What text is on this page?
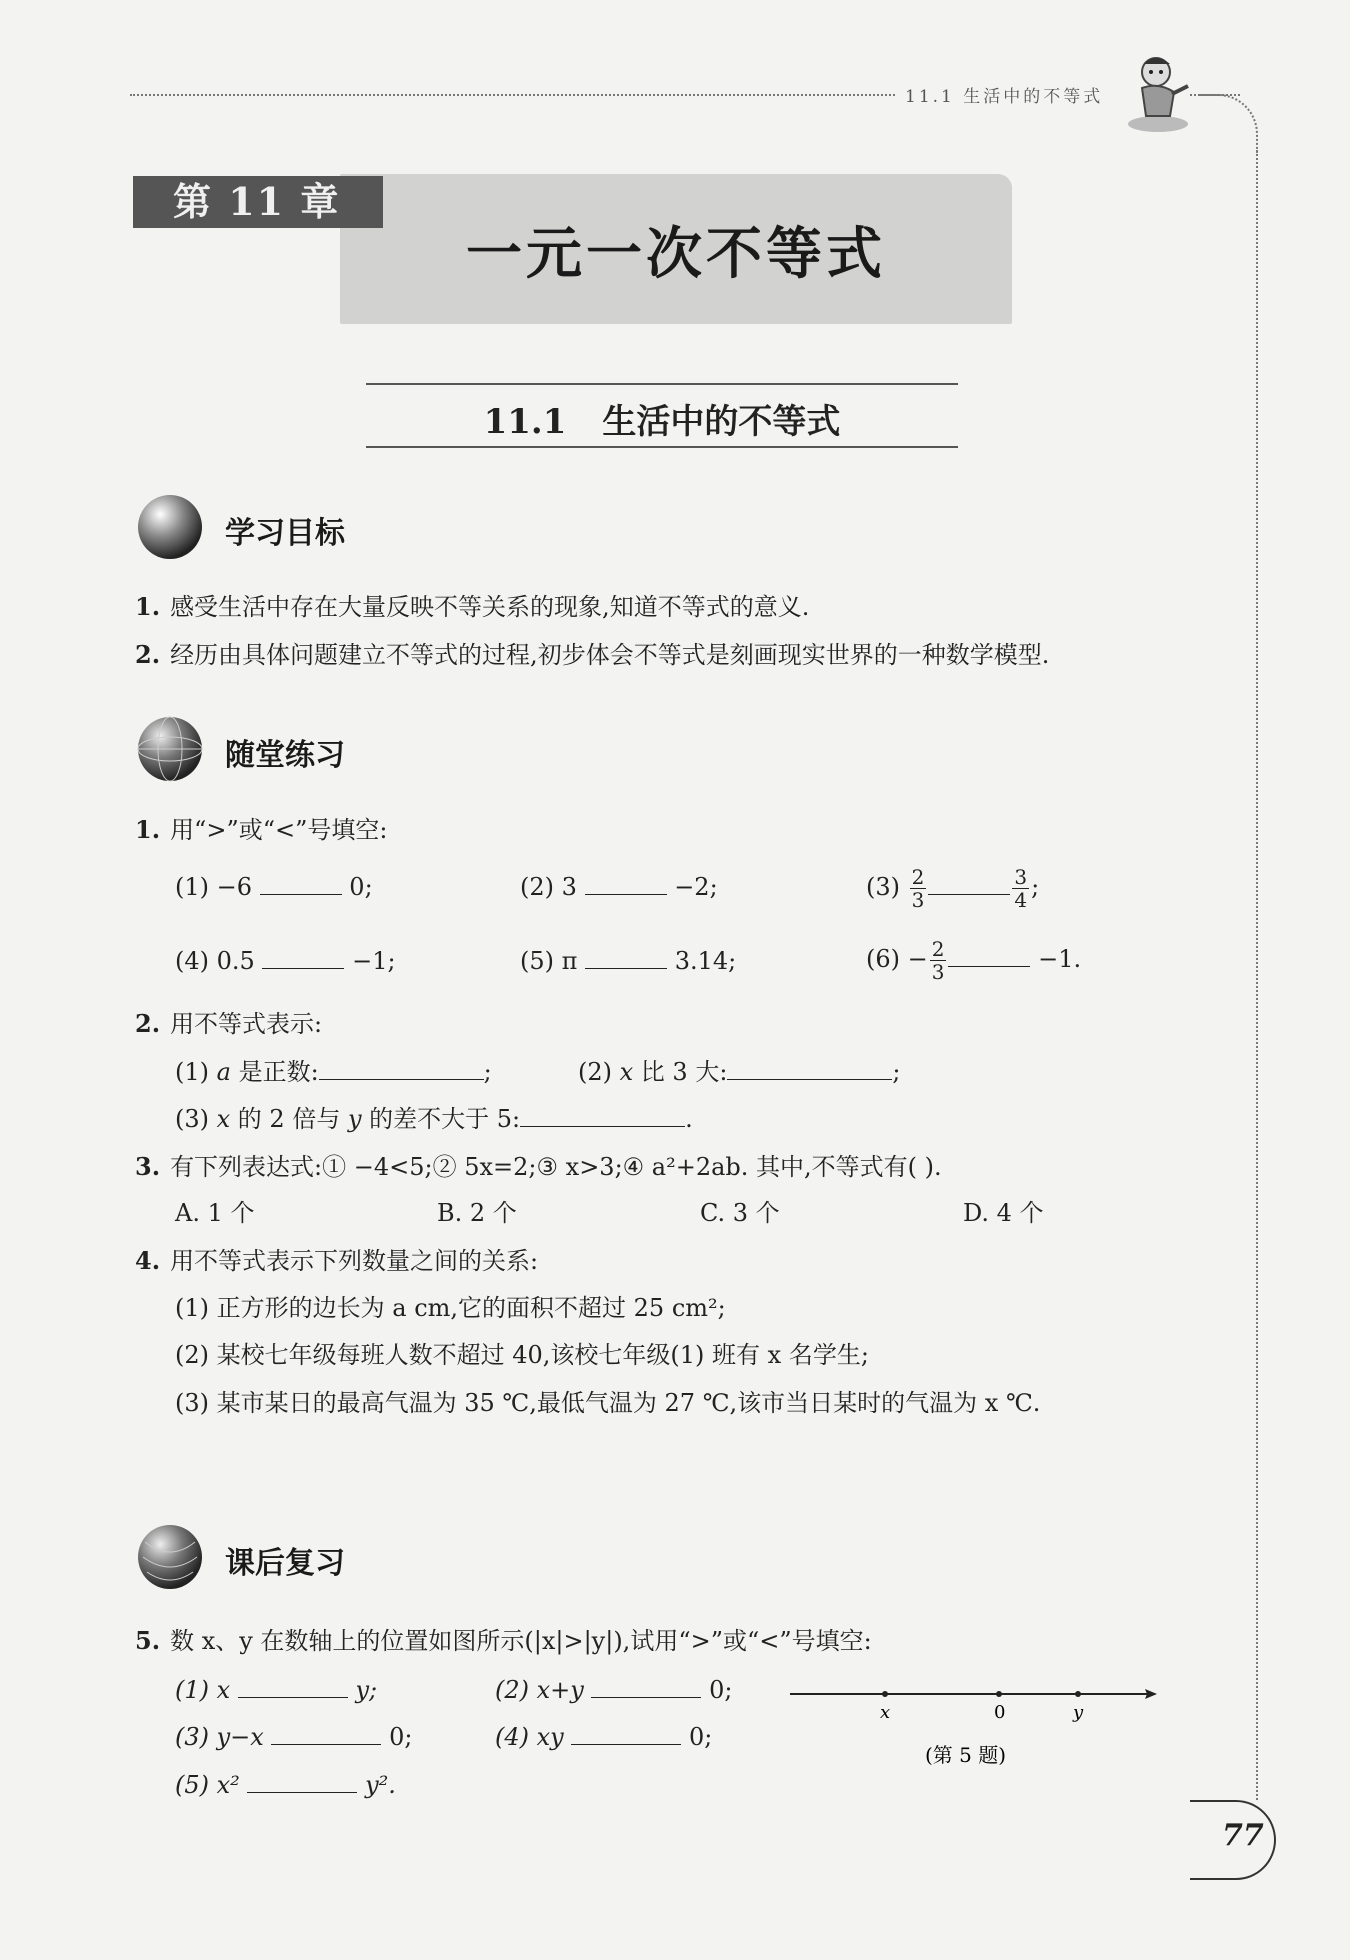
11.1 生活中的不等式
第 11 章
一元一次不等式
11.1 生活中的不等式
学习目标
1. 感受生活中存在大量反映不等关系的现象,知道不等式的意义.
2. 经历由具体问题建立不等式的过程,初步体会不等式是刻画现实世界的一种数学模型.
随堂练习
1. 用“>”或“<”号填空:
(1) −6	0;	(2) 3	−2;	$(3) \frac{2}{3}$	$\frac{3}{4}$ ;
(4) 0.5	−1;	(5) π	3.14;	$(6) - \frac{2}{3}$	−1.
2. 用不等式表示:
(1) a 是正数:	;	(2) x 比 3 大:	;
(3) x 的 2 倍与 y 的差不大于 5:	.
3. 有下列表达式:① −4<5;② 5x=2;③ x>3;④ a²+2ab. 其中,不等式有( ).
A. 1 个	B. 2 个	C. 3 个	D. 4 个
4. 用不等式表示下列数量之间的关系:
(1) 正方形的边长为 a cm,它的面积不超过 25 cm²;
(2) 某校七年级每班人数不超过 40,该校七年级(1) 班有 x 名学生;
(3) 某市某日的最高气温为 35 ℃,最低气温为 27 ℃,该市当日某时的气温为 x ℃.
课后复习
5. 数 x、y 在数轴上的位置如图所示(|x|>|y|),试用“>”或“<”号填空:
(1) x	y;	(2) x+y	0;
(3) y−x	0;	(4) xy	0;
(5) x²	y².
x	0	y
(第 5 题)
77
